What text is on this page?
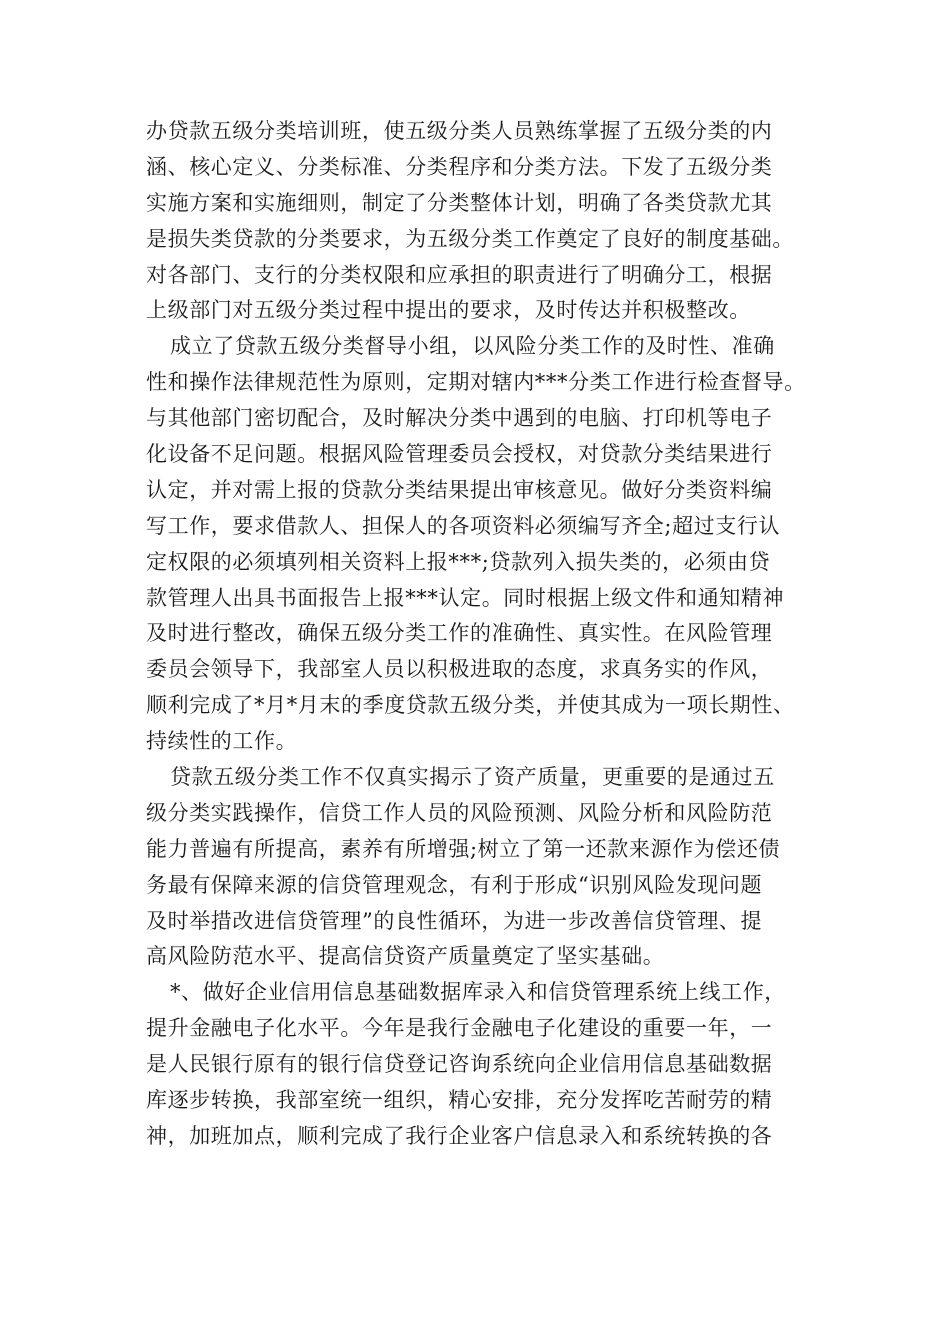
办贷款五级分类培训班，使五级分类人员熟练掌握了五级分类的内
涵、核心定义、分类标准、分类程序和分类方法。下发了五级分类
实施方案和实施细则，制定了分类整体计划，明确了各类贷款尤其
是损失类贷款的分类要求，为五级分类工作奠定了良好的制度基础。
对各部门、支行的分类权限和应承担的职责进行了明确分工，根据
上级部门对五级分类过程中提出的要求，及时传达并积极整改。
成立了贷款五级分类督导小组，以风险分类工作的及时性、准确
性和操作法律规范性为原则，定期对辖内***分类工作进行检查督导。
与其他部门密切配合，及时解决分类中遇到的电脑、打印机等电子
化设备不足问题。根据风险管理委员会授权，对贷款分类结果进行
认定，并对需上报的贷款分类结果提出审核意见。做好分类资料编
写工作，要求借款人、担保人的各项资料必须编写齐全;超过支行认
定权限的必须填列相关资料上报***;贷款列入损失类的，必须由贷
款管理人出具书面报告上报***认定。同时根据上级文件和通知精神
及时进行整改，确保五级分类工作的准确性、真实性。在风险管理
委员会领导下，我部室人员以积极进取的态度，求真务实的作风，
顺利完成了*月*月末的季度贷款五级分类，并使其成为一项长期性、
持续性的工作。
贷款五级分类工作不仅真实揭示了资产质量，更重要的是通过五
级分类实践操作，信贷工作人员的风险预测、风险分析和风险防范
能力普遍有所提高，素养有所增强;树立了第一还款来源作为偿还债
务最有保障来源的信贷管理观念，有利于形成“识别风险发现问题
及时举措改进信贷管理”的良性循环，为进一步改善信贷管理、提
高风险防范水平、提高信贷资产质量奠定了坚实基础。
*、做好企业信用信息基础数据库录入和信贷管理系统上线工作，
提升金融电子化水平。今年是我行金融电子化建设的重要一年，一
是人民银行原有的银行信贷登记咨询系统向企业信用信息基础数据
库逐步转换，我部室统一组织，精心安排，充分发挥吃苦耐劳的精
神，加班加点，顺利完成了我行企业客户信息录入和系统转换的各
